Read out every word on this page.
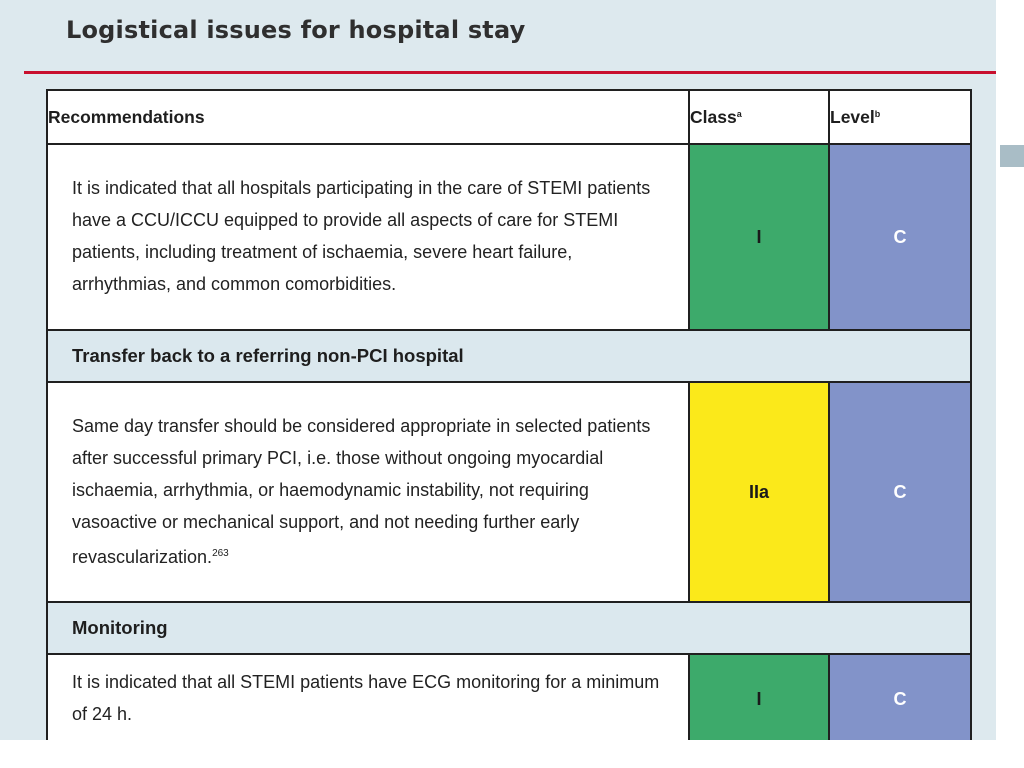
Logistical issues for hospital stay
Recommendations	Class$^a$	Level$^b$
It is indicated that all hospitals participating in the care of STEMI patients have a CCU/ICCU equipped to provide all aspects of care for STEMI patients, including treatment of ischaemia, severe heart failure, arrhythmias, and common comorbidities.	I	C
Transfer back to a referring non-PCI hospital		
Same day transfer should be considered appropriate in selected patients after successful primary PCI, i.e. those without ongoing myocardial ischaemia, arrhythmia, or haemodynamic instability, not requiring vasoactive or mechanical support, and not needing further early revascularization.$^{263}$	IIa	C
Monitoring		
It is indicated that all STEMI patients have ECG monitoring for a minimum of 24 h.	I	C
